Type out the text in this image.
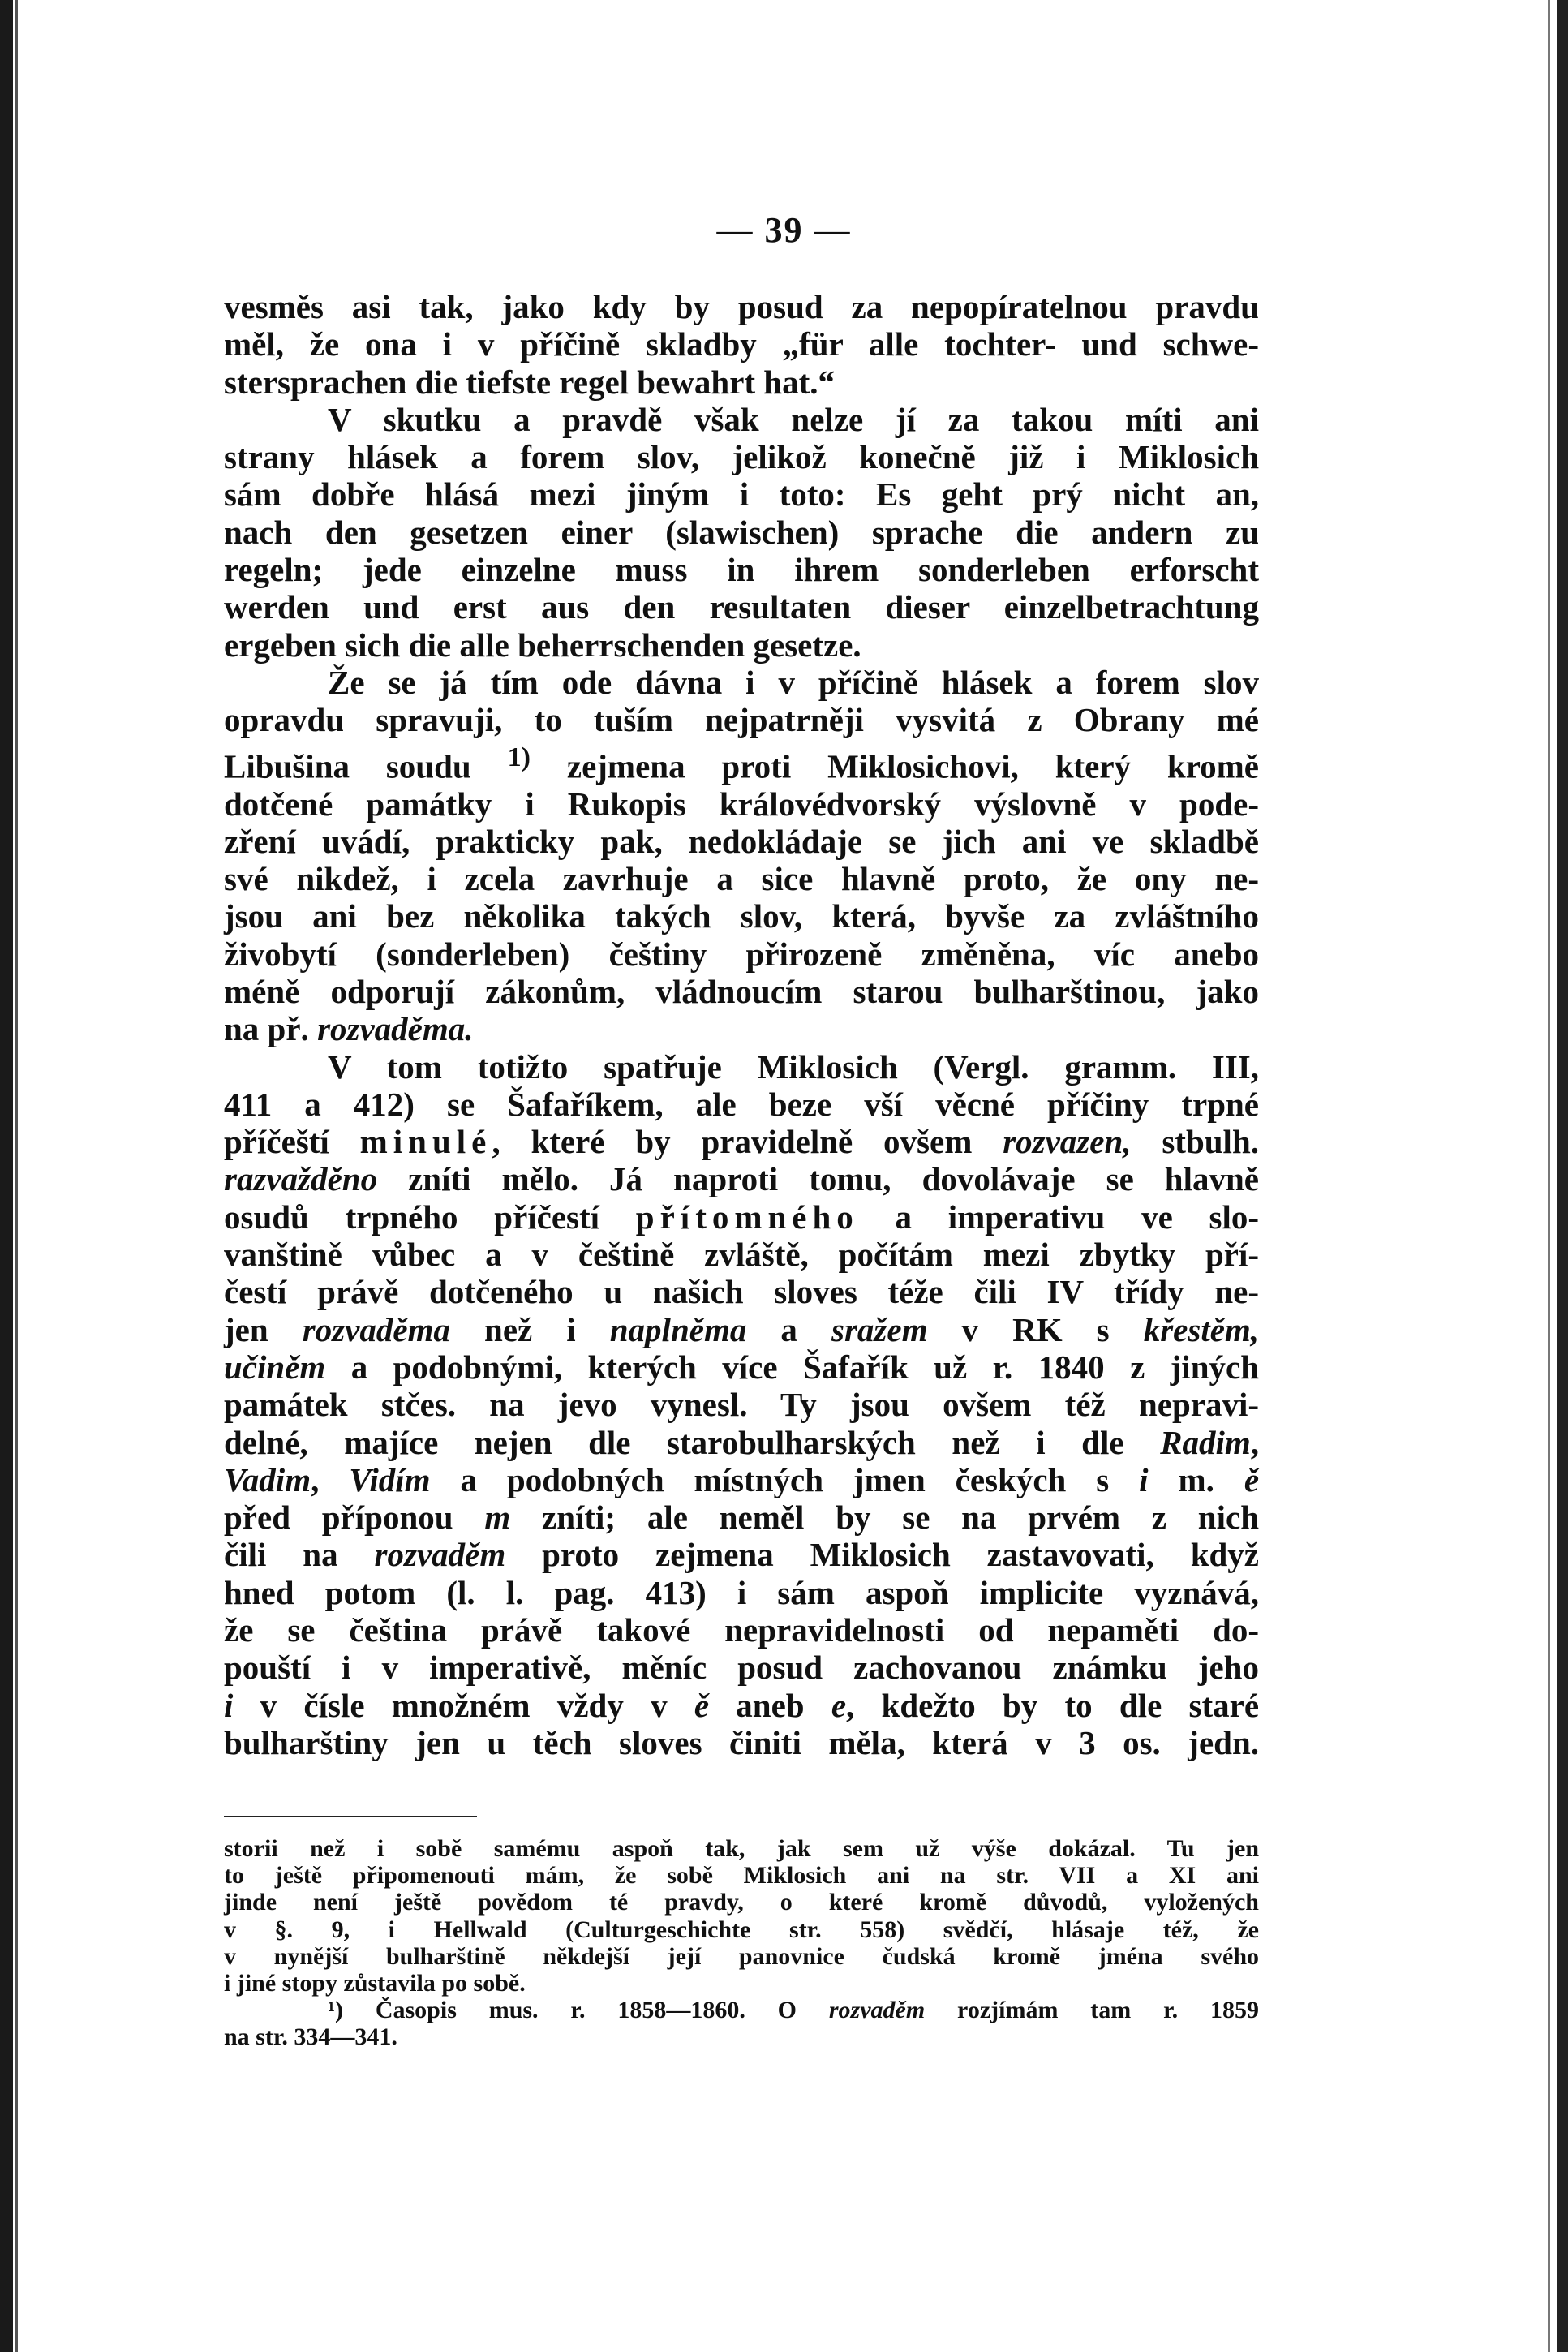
— 39 —
vesměs asi tak, jako kdy by posud za nepopíratelnou pravdu
měl, že ona i v příčině skladby „für alle tochter- und schwe-
stersprachen die tiefste regel bewahrt hat.“
V skutku a pravdě však nelze jí za takou míti ani
strany hlásek a forem slov, jelikož konečně již i Miklosich
sám dobře hlásá mezi jiným i toto: Es geht prý nicht an,
nach den gesetzen einer (slawischen) sprache die andern zu
regeln; jede einzelne muss in ihrem sonderleben erforscht
werden und erst aus den resultaten dieser einzelbetrachtung
ergeben sich die alle beherrschenden gesetze.
Že se já tím ode dávna i v příčině hlásek a forem slov
opravdu spravuji, to tuším nejpatrněji vysvitá z Obrany mé
Libušina soudu $^{1)}$ zejmena proti Miklosichovi, který kromě
dotčené památky i Rukopis královédvorský výslovně v pode-
zření uvádí, prakticky pak, nedokládaje se jich ani ve skladbě
své nikdež, i zcela zavrhuje a sice hlavně proto, že ony ne-
jsou ani bez několika takých slov, která, byvše za zvláštního
živobytí (sonderleben) češtiny přirozeně změněna, víc anebo
méně odporují zákonům, vládnoucím starou bulharštinou, jako
na př. rozvaděma.
V tom totižto spatřuje Miklosich (Vergl. gramm. III,
411 a 412) se Šafaříkem, ale beze vší věcné příčiny trpné
příčeští minulé, které by pravidelně ovšem rozvazen, stbulh.
razvažděno zníti mělo. Já naproti tomu, dovolávaje se hlavně
osudů trpného příčestí přítomného a imperativu ve slo-
vanštině vůbec a v češtině zvláště, počítám mezi zbytky pří-
čestí právě dotčeného u našich sloves téže čili IV třídy ne-
jen rozvaděma než i naplněma a sražem v RK s křestěm,
učiněm a podobnými, kterých více Šafařík už r. 1840 z jiných
památek stčes. na jevo vynesl. Ty jsou ovšem též nepravi-
delné, majíce nejen dle starobulharských než i dle Radim,
Vadim, Vidím a podobných místných jmen českých s i m. ě
před příponou m zníti; ale neměl by se na prvém z nich
čili na rozvaděm proto zejmena Miklosich zastavovati, když
hned potom (l. l. pag. 413) i sám aspoň implicite vyznává,
že se čeština právě takové nepravidelnosti od nepaměti do-
pouští i v imperativě, měníc posud zachovanou známku jeho
i v čísle množném vždy v ě aneb e, kdežto by to dle staré
bulharštiny jen u těch sloves činiti měla, která v 3 os. jedn.
storii než i sobě samému aspoň tak, jak sem už výše dokázal. Tu jen
to ještě připomenouti mám, že sobě Miklosich ani na str. VII a XI ani
jinde není ještě povědom té pravdy, o které kromě důvodů, vyložených
v §. 9, i Hellwald (Culturgeschichte str. 558) svědčí, hlásaje též, že
v nynější bulharštině někdejší její panovnice čudská kromě jména svého
i jiné stopy zůstavila po sobě.
¹) Časopis mus. r. 1858—1860. O rozvaděm rozjímám tam r. 1859
na str. 334—341.
